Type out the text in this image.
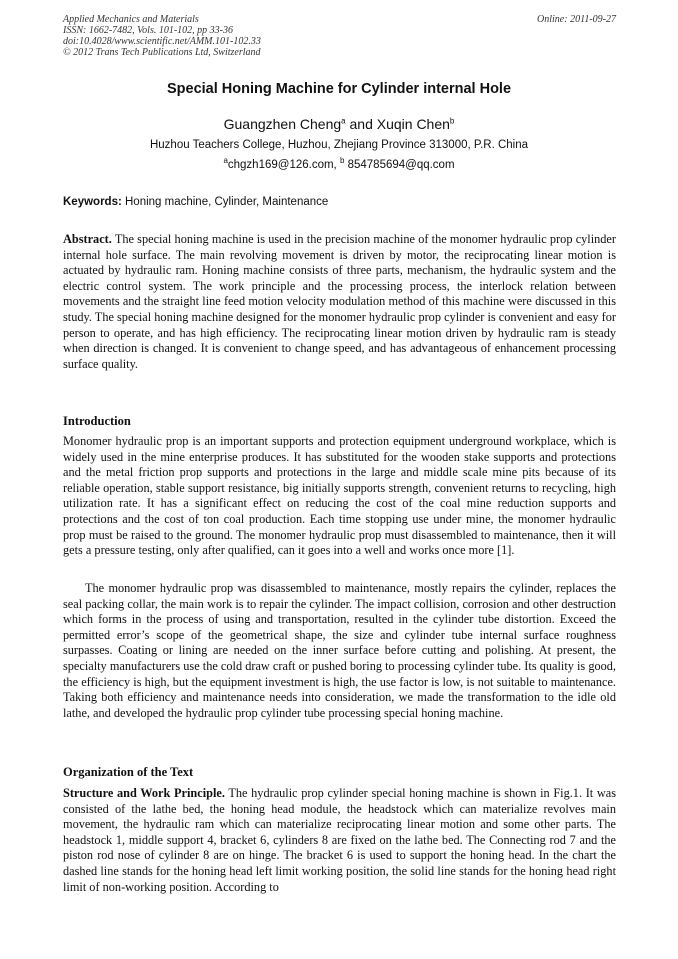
Applied Mechanics and Materials
ISSN: 1662-7482, Vols. 101-102, pp 33-36
doi:10.4028/www.scientific.net/AMM.101-102.33
© 2012 Trans Tech Publications Ltd, Switzerland
Online: 2011-09-27
Special Honing Machine for Cylinder internal Hole
Guangzhen Cheng$^a$ and Xuqin Chen$^b$
Huzhou Teachers College, Huzhou, Zhejiang Province 313000, P.R. China
$^a$chgzh169@126.com, $^b$ 854785694@qq.com
Keywords: Honing machine, Cylinder, Maintenance

Abstract. The special honing machine is used in the precision machine of the monomer hydraulic prop cylinder internal hole surface. The main revolving movement is driven by motor, the reciprocating linear motion is actuated by hydraulic ram. Honing machine consists of three parts, mechanism, the hydraulic system and the electric control system. The work principle and the processing process, the interlock relation between movements and the straight line feed motion velocity modulation method of this machine were discussed in this study. The special honing machine designed for the monomer hydraulic prop cylinder is convenient and easy for person to operate, and has high efficiency. The reciprocating linear motion driven by hydraulic ram is steady when direction is changed. It is convenient to change speed, and has advantageous of enhancement processing surface quality.

Introduction

Monomer hydraulic prop is an important supports and protection equipment underground workplace, which is widely used in the mine enterprise produces. It has substituted for the wooden stake supports and protections and the metal friction prop supports and protections in the large and middle scale mine pits because of its reliable operation, stable support resistance, big initially supports strength, convenient returns to recycling, high utilization rate. It has a significant effect on reducing the cost of the coal mine reduction supports and protections and the cost of ton coal production. Each time stopping use under mine, the monomer hydraulic prop must be raised to the ground. The monomer hydraulic prop must disassembled to maintenance, then it will gets a pressure testing, only after qualified, can it goes into a well and works once more [1].

The monomer hydraulic prop was disassembled to maintenance, mostly repairs the cylinder, replaces the seal packing collar, the main work is to repair the cylinder. The impact collision, corrosion and other destruction which forms in the process of using and transportation, resulted in the cylinder tube distortion. Exceed the permitted error’s scope of the geometrical shape, the size and cylinder tube internal surface roughness surpasses. Coating or lining are needed on the inner surface before cutting and polishing. At present, the specialty manufacturers use the cold draw craft or pushed boring to processing cylinder tube. Its quality is good, the efficiency is high, but the equipment investment is high, the use factor is low, is not suitable to maintenance. Taking both efficiency and maintenance needs into consideration, we made the transformation to the idle old lathe, and developed the hydraulic prop cylinder tube processing special honing machine.

Organization of the Text

Structure and Work Principle. The hydraulic prop cylinder special honing machine is shown in Fig.1. It was consisted of the lathe bed, the honing head module, the headstock which can materialize revolves main movement, the hydraulic ram which can materialize reciprocating linear motion and some other parts. The headstock 1, middle support 4, bracket 6, cylinders 8 are fixed on the lathe bed. The Connecting rod 7 and the piston rod nose of cylinder 8 are on hinge. The bracket 6 is used to support the honing head. In the chart the dashed line stands for the honing head left limit working position, the solid line stands for the honing head right limit of non-working position. According to
